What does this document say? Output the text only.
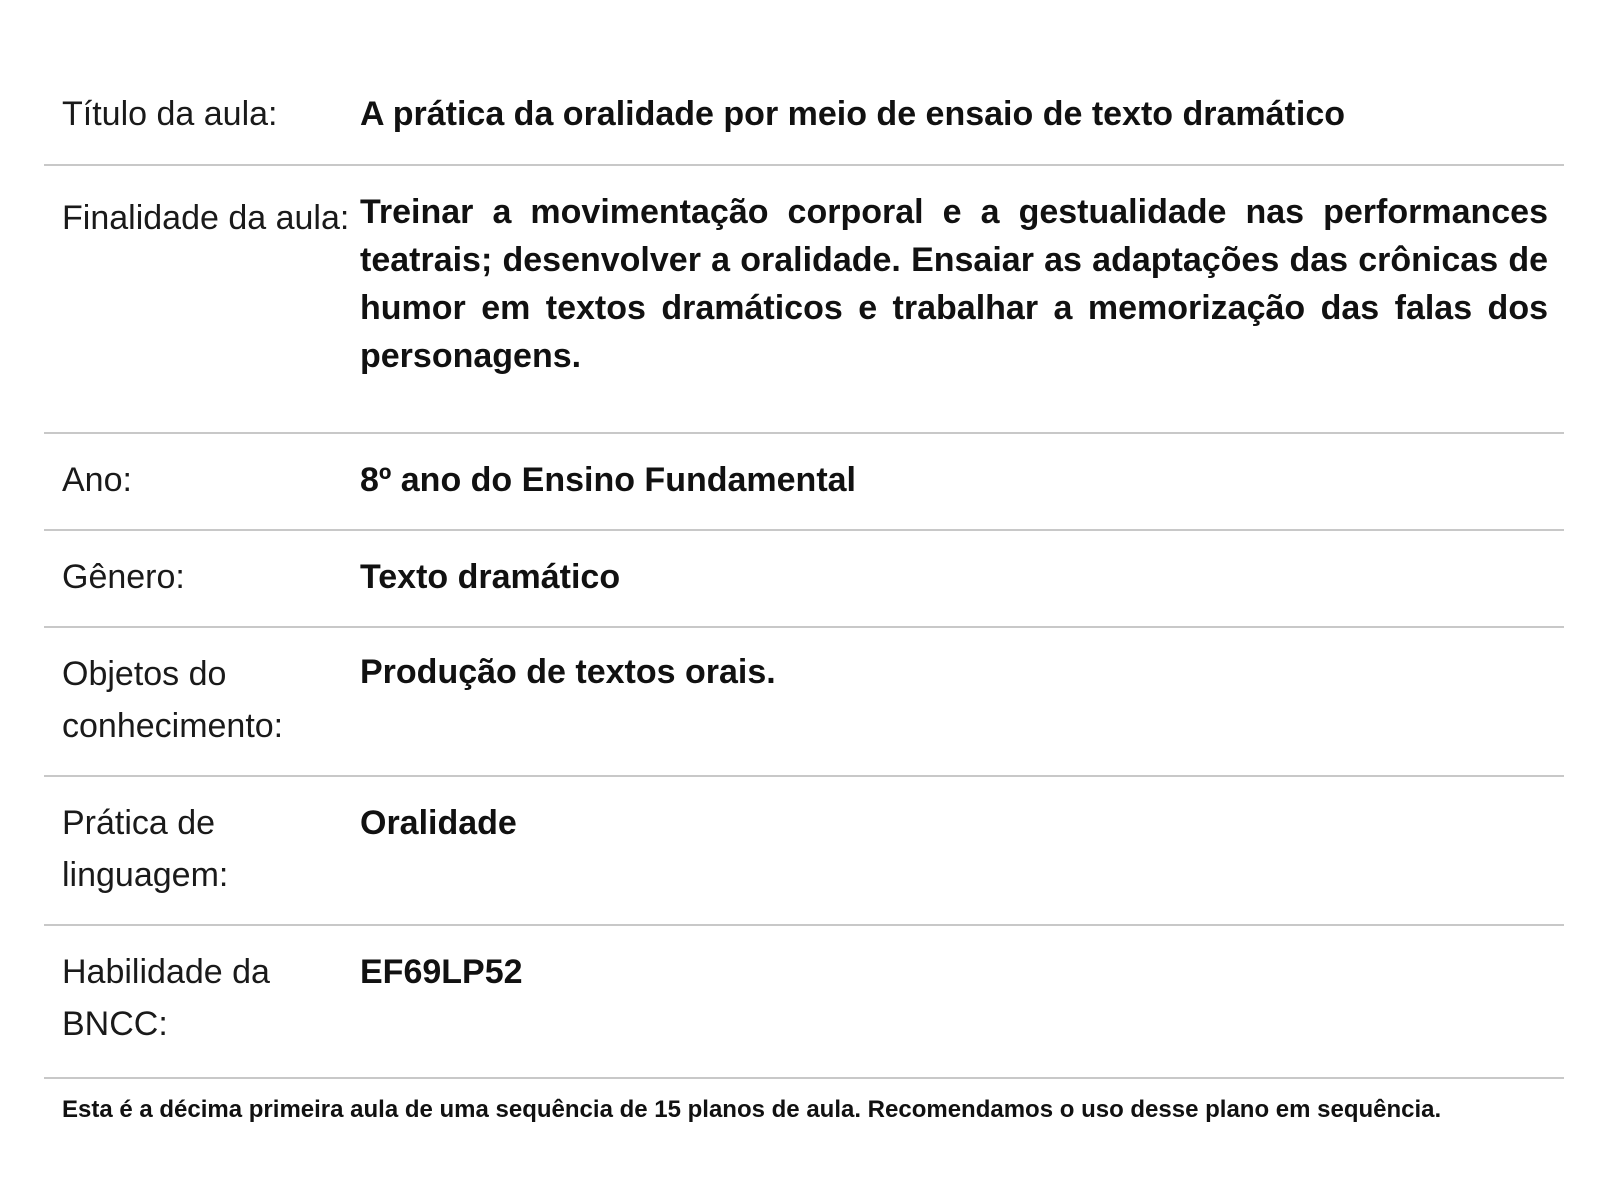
Título da aula:	A prática da oralidade por meio de ensaio de texto dramático
Finalidade da aula: Treinar a movimentação corporal e a gestualidade nas performances teatrais; desenvolver a oralidade. Ensaiar as adaptações das crônicas de humor em textos dramáticos e trabalhar a memorização das falas dos personagens.
Ano:	8º ano do Ensino Fundamental
Gênero:	Texto dramático
Objetos do conhecimento:
Produção de textos orais.
Prática de linguagem:
Oralidade
Habilidade da BNCC:
EF69LP52
Esta é a décima primeira aula de uma sequência de 15 planos de aula. Recomendamos o uso desse plano em sequência.
